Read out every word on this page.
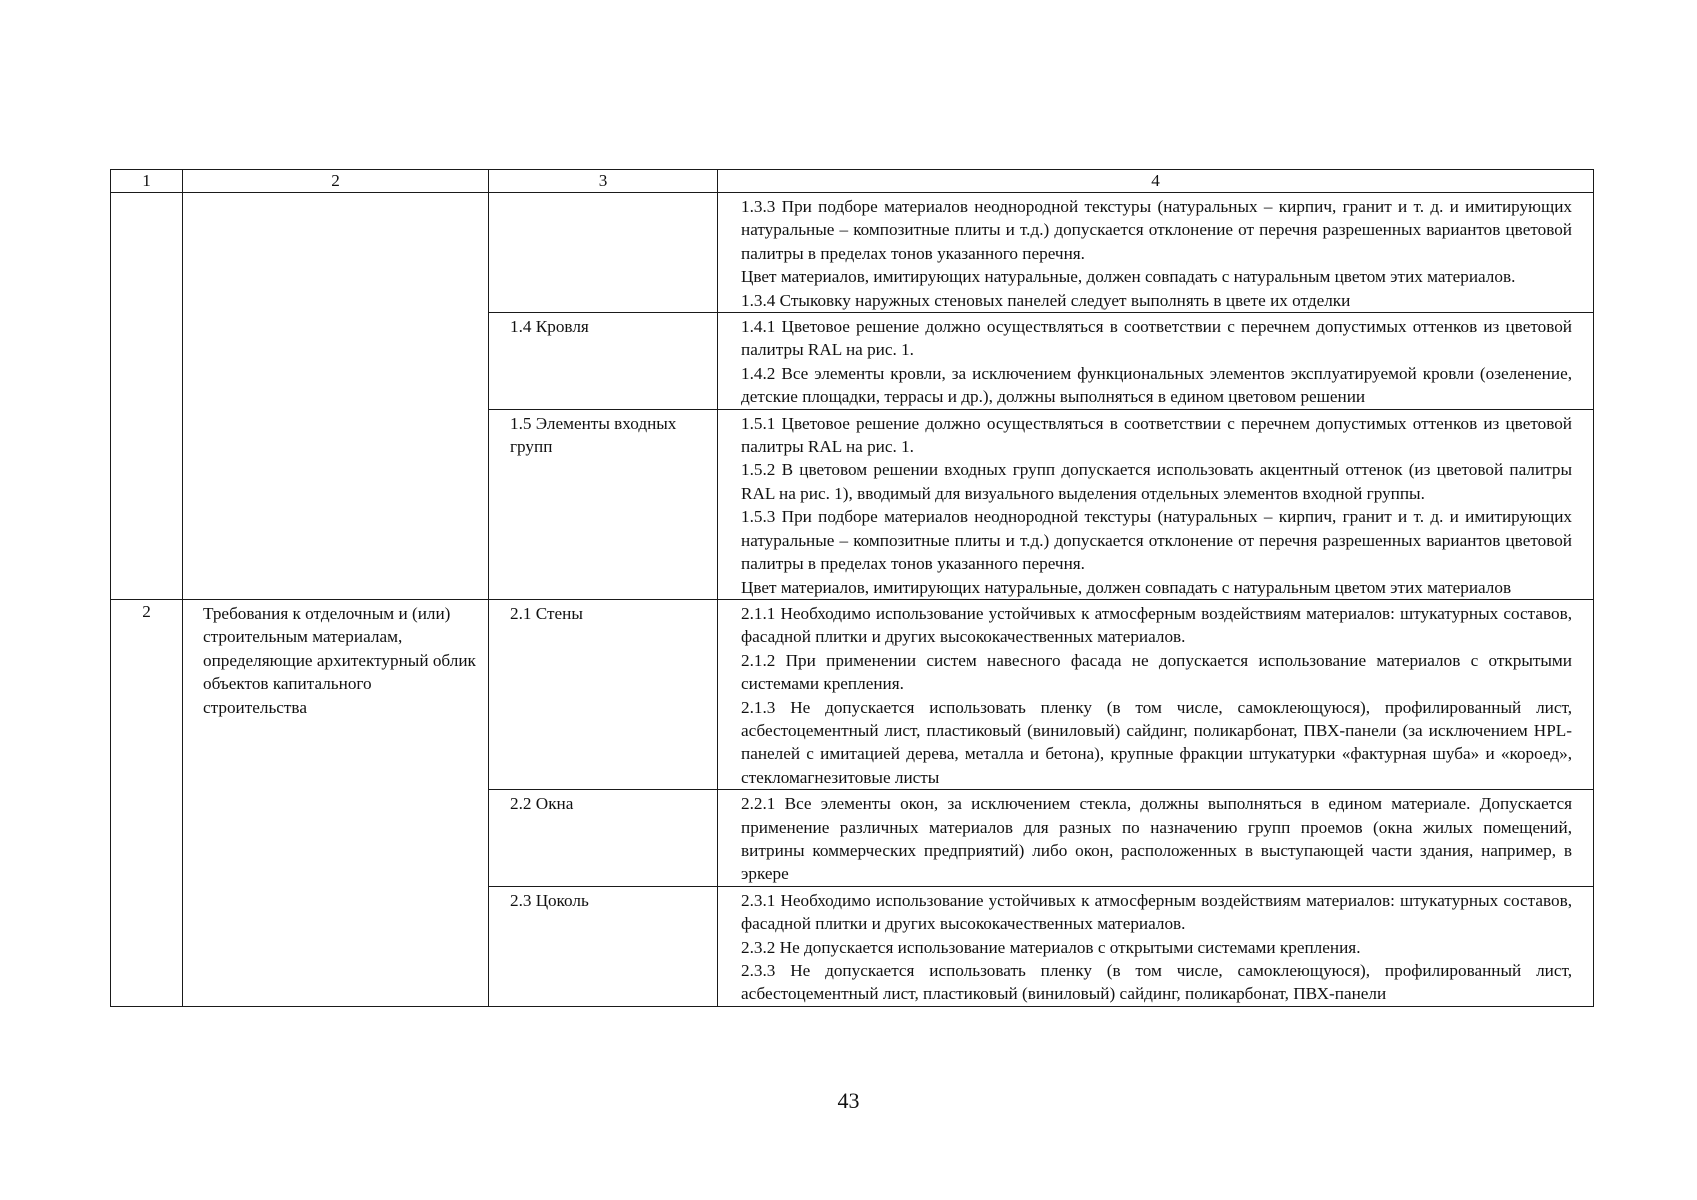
1	2	3	4

			1.3.3 При подборе материалов неоднородной текстуры (натуральных – кирпич, гранит и т. д. и имитирующих натуральные – композитные плиты и т.д.) допускается отклонение от перечня разрешенных вариантов цветовой палитры в пределах тонов указанного перечня.

Цвет материалов, имитирующих натуральные, должен совпадать с натуральным цветом этих материалов.

1.3.4 Стыковку наружных стеновых панелей следует выполнять в цвете их отделки

		1.4 Кровля	1.4.1 Цветовое решение должно осуществляться в соответствии с перечнем допустимых оттенков из цветовой палитры RAL на рис. 1.

1.4.2 Все элементы кровли, за исключением функциональных элементов эксплуатируемой кровли (озеленение, детские площадки, террасы и др.), должны выполняться в едином цветовом решении

		1.5 Элементы входных групп	1.5.1 Цветовое решение должно осуществляться в соответствии с перечнем допустимых оттенков из цветовой палитры RAL на рис. 1.

1.5.2 В цветовом решении входных групп допускается использовать акцентный оттенок (из цветовой палитры RAL на рис. 1), вводимый для визуального выделения отдельных элементов входной группы.

1.5.3 При подборе материалов неоднородной текстуры (натуральных – кирпич, гранит и т. д. и имитирующих натуральные – композитные плиты и т.д.) допускается отклонение от перечня разрешенных вариантов цветовой палитры в пределах тонов указанного перечня.

Цвет материалов, имитирующих натуральные, должен совпадать с натуральным цветом этих материалов

2	Требования к отделочным и (или) строительным материалам, определяющие архитектурный облик объектов капитального строительства	2.1 Стены	2.1.1 Необходимо использование устойчивых к атмосферным воздействиям материалов: штукатурных составов, фасадной плитки и других высококачественных материалов.

2.1.2 При применении систем навесного фасада не допускается использование материалов с открытыми системами крепления.

2.1.3 Не допускается использовать пленку (в том числе, самоклеющуюся), профилированный лист, асбестоцементный лист, пластиковый (виниловый) сайдинг, поликарбонат, ПВХ-панели (за исключением HPL-панелей с имитацией дерева, металла и бетона), крупные фракции штукатурки «фактурная шуба» и «короед», стекломагнезитовые листы

		2.2 Окна	2.2.1 Все элементы окон, за исключением стекла, должны выполняться в едином материале. Допускается применение различных материалов для разных по назначению групп проемов (окна жилых помещений, витрины коммерческих предприятий) либо окон, расположенных в выступающей части здания, например, в эркере

		2.3 Цоколь	2.3.1 Необходимо использование устойчивых к атмосферным воздействиям материалов: штукатурных составов, фасадной плитки и других высококачественных материалов.

2.3.2 Не допускается использование материалов с открытыми системами крепления.

2.3.3 Не допускается использовать пленку (в том числе, самоклеющуюся), профилированный лист, асбестоцементный лист, пластиковый (виниловый) сайдинг, поликарбонат, ПВХ-панели

43
